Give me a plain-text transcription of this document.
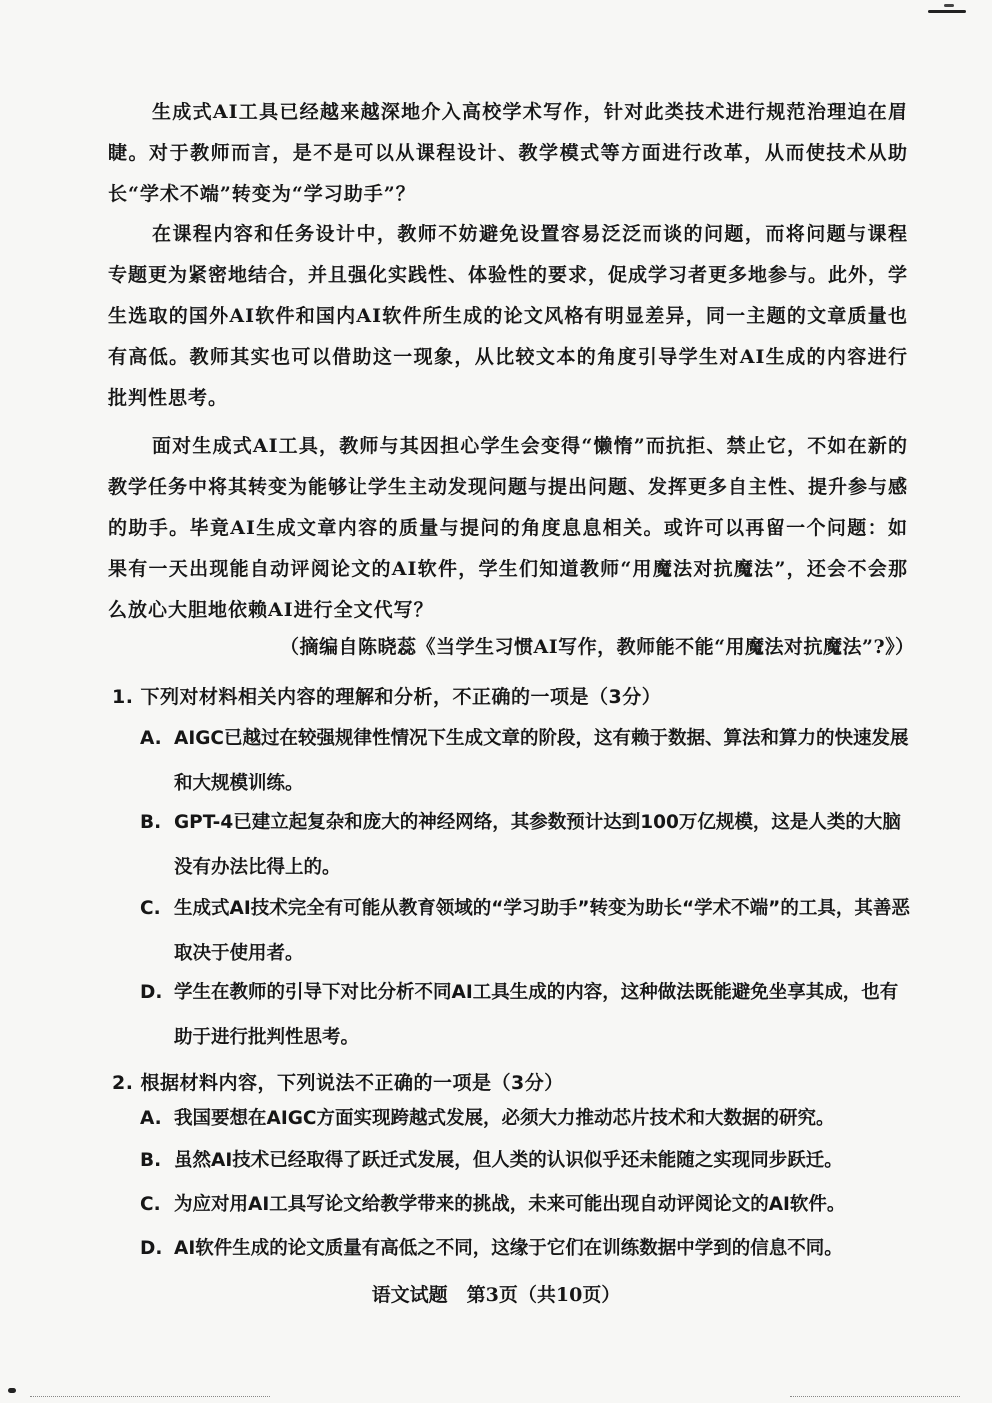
生成式AI工具已经越来越深地介入高校学术写作，针对此类技术进行规范治理迫在眉睫。对于教师而言，是不是可以从课程设计、教学模式等方面进行改革，从而使技术从助长“学术不端”转变为“学习助手”？

在课程内容和任务设计中，教师不妨避免设置容易泛泛而谈的问题，而将问题与课程专题更为紧密地结合，并且强化实践性、体验性的要求，促成学习者更多地参与。此外，学生选取的国外AI软件和国内AI软件所生成的论文风格有明显差异，同一主题的文章质量也有高低。教师其实也可以借助这一现象，从比较文本的角度引导学生对AI生成的内容进行批判性思考。

面对生成式AI工具，教师与其因担心学生会变得“懒惰”而抗拒、禁止它，不如在新的教学任务中将其转变为能够让学生主动发现问题与提出问题、发挥更多自主性、提升参与感的助手。毕竟AI生成文章内容的质量与提问的角度息息相关。或许可以再留一个问题：如果有一天出现能自动评阅论文的AI软件，学生们知道教师“用魔法对抗魔法”，还会不会那么放心大胆地依赖AI进行全文代写？

（摘编自陈晓蕊《当学生习惯AI写作，教师能不能“用魔法对抗魔法”?》）

1. 下列对材料相关内容的理解和分析，不正确的一项是（3分）

A. AIGC已越过在较强规律性情况下生成文章的阶段，这有赖于数据、算法和算力的快速发展和大规模训练。
B. GPT-4已建立起复杂和庞大的神经网络，其参数预计达到100万亿规模，这是人类的大脑没有办法比得上的。
C. 生成式AI技术完全有可能从教育领域的“学习助手”转变为助长“学术不端”的工具，其善恶取决于使用者。
D. 学生在教师的引导下对比分析不同AI工具生成的内容，这种做法既能避免坐享其成，也有助于进行批判性思考。

2. 根据材料内容，下列说法不正确的一项是（3分）

A. 我国要想在AIGC方面实现跨越式发展，必须大力推动芯片技术和大数据的研究。
B. 虽然AI技术已经取得了跃迁式发展，但人类的认识似乎还未能随之实现同步跃迁。
C. 为应对用AI工具写论文给教学带来的挑战，未来可能出现自动评阅论文的AI软件。
D. AI软件生成的论文质量有高低之不同，这缘于它们在训练数据中学到的信息不同。

语文试题　第3页（共10页）
